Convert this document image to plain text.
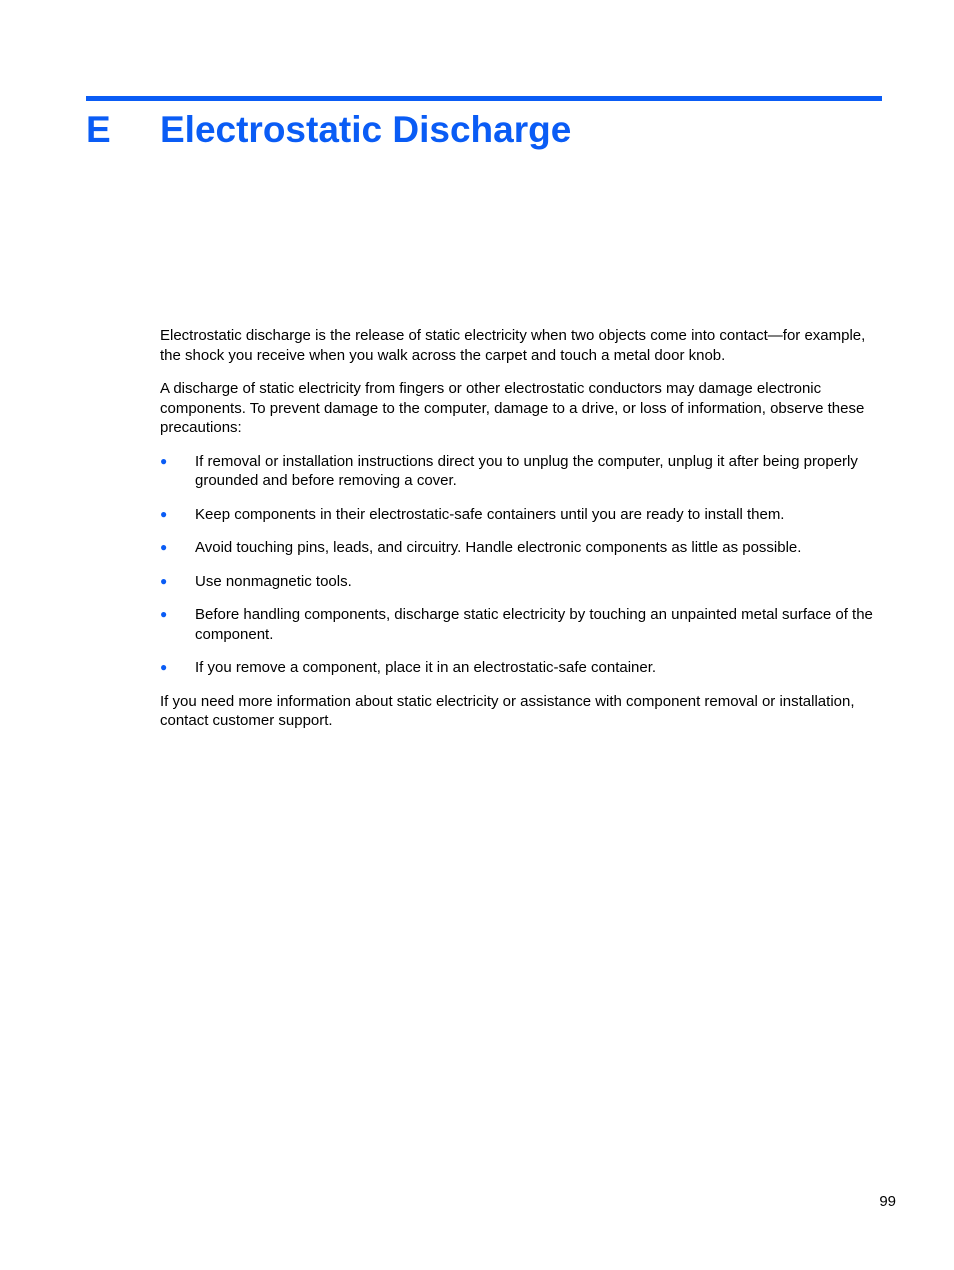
E Electrostatic Discharge

Electrostatic discharge is the release of static electricity when two objects come into contact—for example, the shock you receive when you walk across the carpet and touch a metal door knob.

A discharge of static electricity from fingers or other electrostatic conductors may damage electronic components. To prevent damage to the computer, damage to a drive, or loss of information, observe these precautions:

● If removal or installation instructions direct you to unplug the computer, unplug it after being properly grounded and before removing a cover.
● Keep components in their electrostatic-safe containers until you are ready to install them.
● Avoid touching pins, leads, and circuitry. Handle electronic components as little as possible.
● Use nonmagnetic tools.
● Before handling components, discharge static electricity by touching an unpainted metal surface of the component.
● If you remove a component, place it in an electrostatic-safe container.

If you need more information about static electricity or assistance with component removal or installation, contact customer support.

99
